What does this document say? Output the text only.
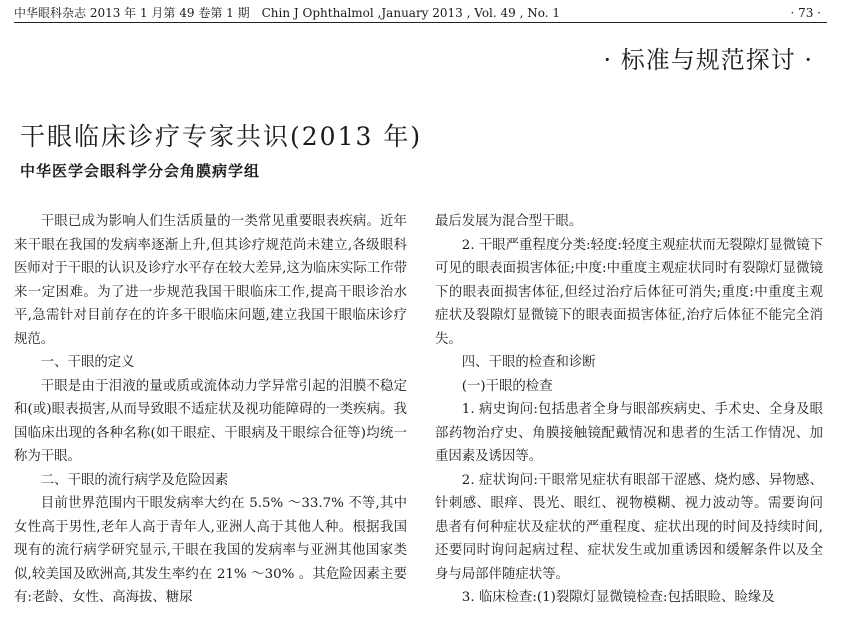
中华眼科杂志 2013 年 1 月第 49 卷第 1 期　Chin J Ophthalmol ,January 2013 , Vol. 49 , No. 1	· 73 ·
· 标准与规范探讨 ·
干眼临床诊疗专家共识(2013 年)
中华医学会眼科学分会角膜病学组

干眼已成为影响人们生活质量的一类常见重要眼表疾病。近年来干眼在我国的发病率逐渐上升,但其诊疗规范尚未建立,各级眼科医师对于干眼的认识及诊疗水平存在较大差异,这为临床实际工作带来一定困难。为了进一步规范我国干眼临床工作,提高干眼诊治水平,急需针对目前存在的许多干眼临床问题,建立我国干眼临床诊疗规范。

一、干眼的定义

干眼是由于泪液的量或质或流体动力学异常引起的泪膜不稳定和(或)眼表损害,从而导致眼不适症状及视功能障碍的一类疾病。我国临床出现的各种名称(如干眼症、干眼病及干眼综合征等)均统一称为干眼。

二、干眼的流行病学及危险因素

目前世界范围内干眼发病率大约在 5.5% ～33.7% 不等,其中女性高于男性,老年人高于青年人,亚洲人高于其他人种。根据我国现有的流行病学研究显示,干眼在我国的发病率与亚洲其他国家类似,较美国及欧洲高,其发生率约在 21% ～30% 。其危险因素主要有:老龄、女性、高海拔、糖尿

最后发展为混合型干眼。

2. 干眼严重程度分类:轻度:轻度主观症状而无裂隙灯显微镜下可见的眼表面损害体征;中度:中重度主观症状同时有裂隙灯显微镜下的眼表面损害体征,但经过治疗后体征可消失;重度:中重度主观症状及裂隙灯显微镜下的眼表面损害体征,治疗后体征不能完全消失。

四、干眼的检查和诊断

(一)干眼的检查

1. 病史询问:包括患者全身与眼部疾病史、手术史、全身及眼部药物治疗史、角膜接触镜配戴情况和患者的生活工作情况、加重因素及诱因等。

2. 症状询问:干眼常见症状有眼部干涩感、烧灼感、异物感、针刺感、眼痒、畏光、眼红、视物模糊、视力波动等。需要询问患者有何种症状及症状的严重程度、症状出现的时间及持续时间,还要同时询问起病过程、症状发生或加重诱因和缓解条件以及全身与局部伴随症状等。

3. 临床检查:(1)裂隙灯显微镜检查:包括眼睑、睑缘及
